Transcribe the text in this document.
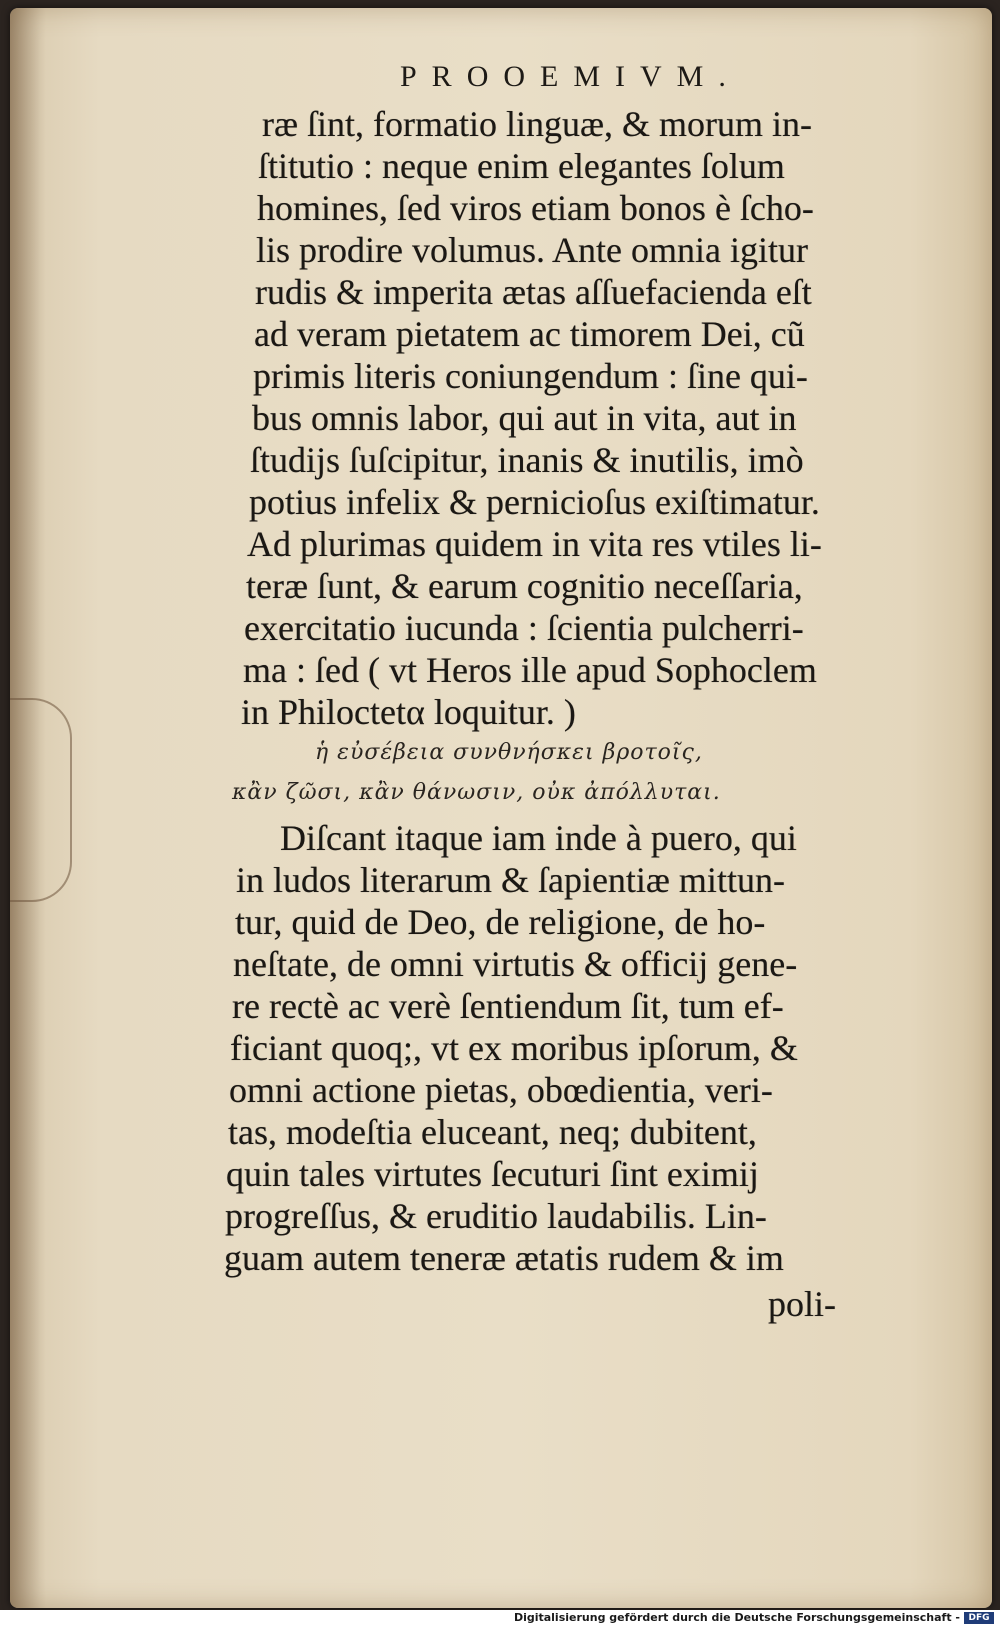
PROOEMIVM.
ræ ſint, formatio linguæ, & morum in-
ſtitutio : neque enim elegantes ſolum
homines, ſed viros etiam bonos è ſcho-
lis prodire volumus. Ante omnia igitur
rudis & imperita ætas aſſuefacienda eſt
ad veram pietatem ac timorem Dei, cũ
primis literis coniungendum : ſine qui-
bus omnis labor, qui aut in vita, aut in
ſtudijs ſuſcipitur, inanis & inutilis, imò
potius infelix & pernicioſus exiſtimatur.
Ad plurimas quidem in vita res vtiles li-
teræ ſunt, & earum cognitio neceſſaria,
exercitatio iucunda : ſcientia pulcherri-
ma : ſed ( vt Heros ille apud Sophoclem
in Philoctetα loquitur. )
ἡ εὐσέβεια συνθνήσκει βροτοῖς,
κἂν ζῶσι, κἂν θάνωσιν, οὐκ ἀπόλλυται.
Diſcant itaque iam inde à puero, qui
in ludos literarum & ſapientiæ mittun-
tur, quid de Deo, de religione, de ho-
neſtate, de omni virtutis & officij gene-
re rectè ac verè ſentiendum ſit, tum ef-
ficiant quoq;, vt ex moribus ipſorum, &
omni actione pietas, obœdientia, veri-
tas, modeſtia eluceant, neq; dubitent,
quin tales virtutes ſecuturi ſint eximij
progreſſus, & eruditio laudabilis. Lin-
guam autem teneræ ætatis rudem & im
poli-
Digitalisierung gefördert durch die Deutsche Forschungsgemeinschaft - DFG
